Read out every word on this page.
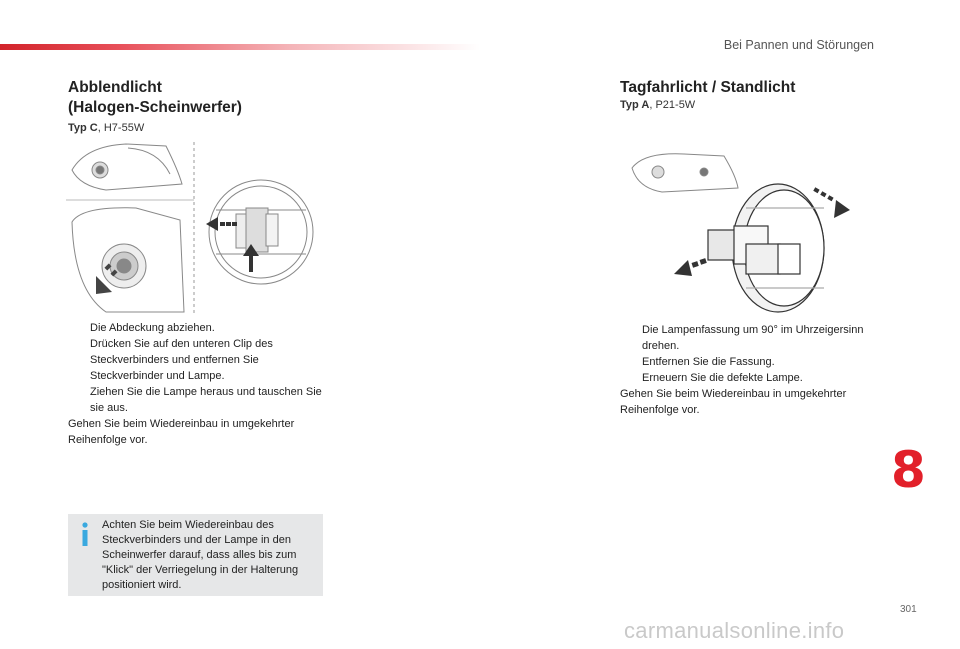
Bei Pannen und Störungen
Abblendlicht
(Halogen-Scheinwerfer)
Typ C, H7-55W
Die Abdeckung abziehen.
Drücken Sie auf den unteren Clip des Steckverbinders und entfernen Sie Steckverbinder und Lampe.
Ziehen Sie die Lampe heraus und tauschen Sie sie aus.
Gehen Sie beim Wiedereinbau in umgekehrter Reihenfolge vor.
Achten Sie beim Wiedereinbau des Steckverbinders und der Lampe in den Scheinwerfer darauf, dass alles bis zum "Klick" der Verriegelung in der Halterung positioniert wird.
Tagfahrlicht / Standlicht
Typ A, P21-5W
Die Lampenfassung um 90° im Uhrzeigersinn drehen.
Entfernen Sie die Fassung.
Erneuern Sie die defekte Lampe.
Gehen Sie beim Wiedereinbau in umgekehrter Reihenfolge vor.
8
301
carmanualsonline.info
